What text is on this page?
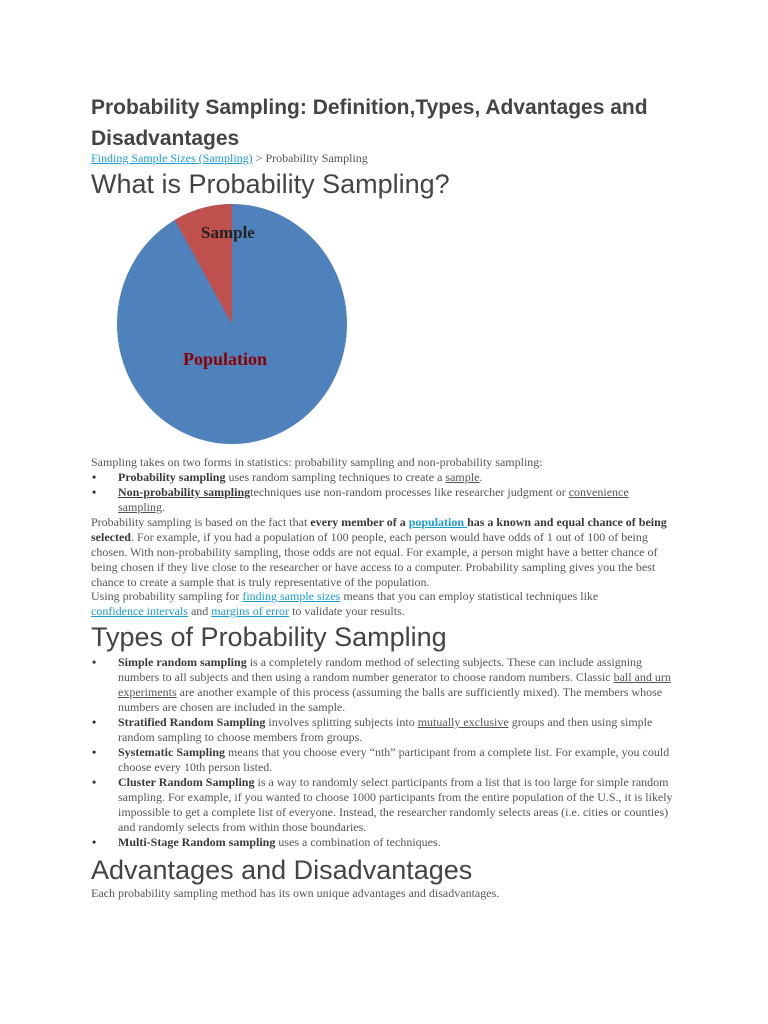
Probability Sampling: Definition,Types, Advantages and Disadvantages
Finding Sample Sizes (Sampling) > Probability Sampling
What is Probability Sampling?
Sample
Population
Sampling takes on two forms in statistics: probability sampling and non-probability sampling:
• Probability sampling uses random sampling techniques to create a sample.
• Non-probability samplingtechniques use non-random processes like researcher judgment or convenience sampling.
Probability sampling is based on the fact that every member of a population has a known and equal chance of being selected. For example, if you had a population of 100 people, each person would have odds of 1 out of 100 of being chosen. With non-probability sampling, those odds are not equal. For example, a person might have a better chance of being chosen if they live close to the researcher or have access to a computer. Probability sampling gives you the best chance to create a sample that is truly representative of the population.
Using probability sampling for finding sample sizes means that you can employ statistical techniques like confidence intervals and margins of error to validate your results.
Types of Probability Sampling
• Simple random sampling is a completely random method of selecting subjects. These can include assigning numbers to all subjects and then using a random number generator to choose random numbers. Classic ball and urn experiments are another example of this process (assuming the balls are sufficiently mixed). The members whose numbers are chosen are included in the sample.
• Stratified Random Sampling involves splitting subjects into mutually exclusive groups and then using simple random sampling to choose members from groups.
• Systematic Sampling means that you choose every “nth” participant from a complete list. For example, you could choose every 10th person listed.
• Cluster Random Sampling is a way to randomly select participants from a list that is too large for simple random sampling. For example, if you wanted to choose 1000 participants from the entire population of the U.S., it is likely impossible to get a complete list of everyone. Instead, the researcher randomly selects areas (i.e. cities or counties) and randomly selects from within those boundaries.
• Multi-Stage Random sampling uses a combination of techniques.
Advantages and Disadvantages
Each probability sampling method has its own unique advantages and disadvantages.
